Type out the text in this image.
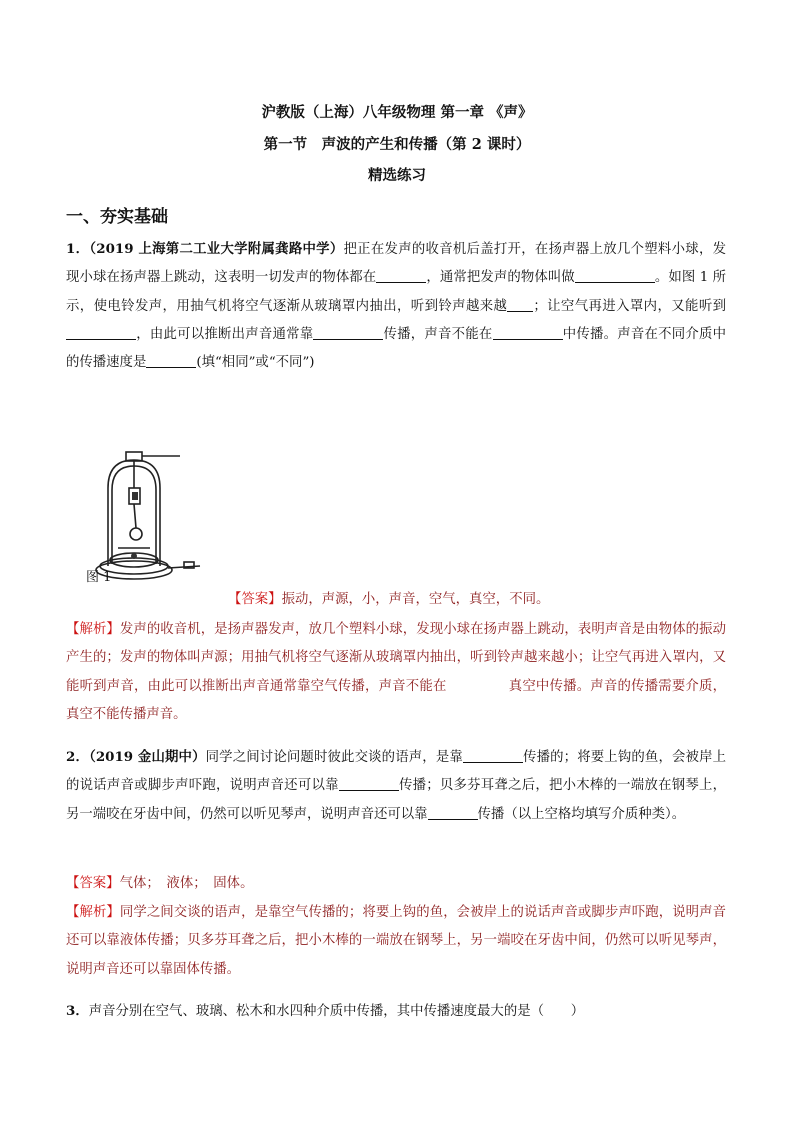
沪教版（上海）八年级物理 第一章 《声》
第一节　声波的产生和传播（第 2 课时）
精选练习
一、夯实基础
1．（2019 上海第二工业大学附属龚路中学）把正在发声的收音机后盖打开，在扬声器上放几个塑料小球，发现小球在扬声器上跳动，这表明一切发声的物体都在	，通常把发声的物体叫做	。如图 1 所示，使电铃发声，用抽气机将空气逐渐从玻璃罩内抽出，听到铃声越来越 ；让空气再进入罩内，又能听到，由此可以推断出声音通常靠	传播，声音不能在	中传播。声音在不同介质中的传播速度是	(填“相同”或“不同”)
图 1
【答案】振动，声源，小，声音，空气，真空，不同。
【解析】发声的收音机，是扬声器发声，放几个塑料小球，发现小球在扬声器上跳动，表明声音是由物体的振动产生的；发声的物体叫声源；用抽气机将空气逐渐从玻璃罩内抽出，听到铃声越来越小；让空气再进入罩内，又能听到声音，由此可以推断出声音通常靠空气传播，声音不能在	真空中传播。声音的传播需要介质，真空不能传播声音。
2．（2019 金山期中）同学之间讨论问题时彼此交谈的语声，是靠	传播的；将要上钩的鱼，会被岸上的说话声音或脚步声吓跑，说明声音还可以靠	传播；贝多芬耳聋之后，把小木棒的一端放在钢琴上，另一端咬在牙齿中间，仍然可以听见琴声，说明声音还可以靠	传播（以上空格均填写介质种类）。
【答案】气体；　液体；　固体。
【解析】同学之间交谈的语声，是靠空气传播的；将要上钩的鱼，会被岸上的说话声音或脚步声吓跑，说明声音还可以靠液体传播；贝多芬耳聋之后，把小木棒的一端放在钢琴上，另一端咬在牙齿中间，仍然可以听见琴声，说明声音还可以靠固体传播。
3．声音分别在空气、玻璃、松木和水四种介质中传播，其中传播速度最大的是（　　）
